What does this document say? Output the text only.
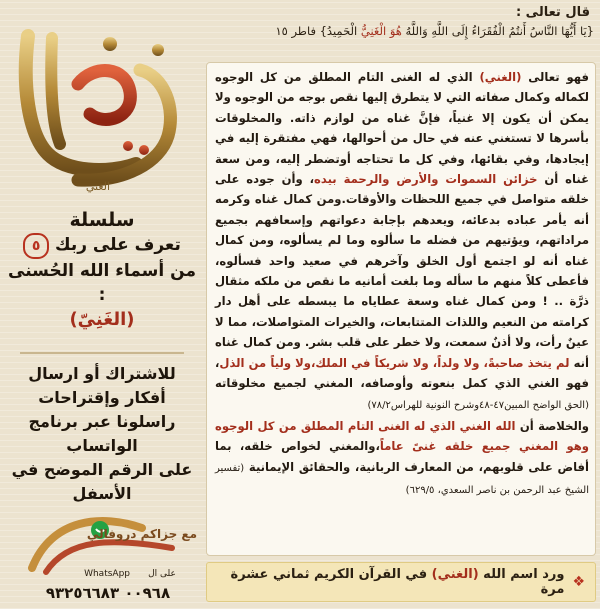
الغني
سلسلة
تعرف على ربك ٥
من أسماء الله الحُسنى :
(الغَنِيّ)
للاشتراك أو ارسال
أفكار وإقتراحات
راسلونا عبر برنامج
الواتساب
على الرقم الموضح في
الأسفل
مع جزاكم دروفالي
WhatsApp على ال
٠٠٩٦٨ ٩٣٢٥٦٦٨٣
قال تعالى :
{يَا أَيُّهَا النَّاسُ أَنتُمُ الْفُقَرَاءُ إِلَى اللَّهِ وَاللَّهُ هُوَ الْغَنِيُّ الْحَمِيدُ} فاطر ١٥
فهو تعالى (الغني) الذي له الغنى التام المطلق من كل الوجوه لكماله وكمال صفاته التي لا يتطرق إليها نقص بوجه من الوجوه ولا يمكن أن يكون إلا غنياً، فإنَّ غناه من لوازم ذاته. والمخلوقات بأسرها لا تستغني عنه في حال من أحوالها، فهي مفتقرة إليه في إيجادها، وفي بقائها، وفي كل ما تحتاجه أوتضطر إليه، ومن سعة غناه أن خزائن السموات والأرض والرحمة بيده، وأن جوده على خلقه متواصل في جميع اللحظات والأوقات.ومن كمال غناه وكرمه أنه يأمر عباده بدعائه، ويعدهم بإجابة دعواتهم وإسعافهم بجميع مراداتهم، ويؤتيهم من فضله ما سألوه وما لم يسألوه، ومن كمال غناه أنه لو اجتمع أول الخلق وآخرهم في صعيد واحد فسألوه، فأعطى كلاً منهم ما سأله وما بلغت أمانيه ما نقص من ملكه مثقال ذرَّة .. ! ومن كمال غناه وسعة عطاياه ما يبسطه على أهل دار كرامته من النعيم واللذات المتتابعات، والخيرات المتواصلات، مما لا عينٌ رأت، ولا أذنٌ سمعت، ولا خطر على قلب بشر. ومن كمال غناه أنه لم يتخذ صاحبةً، ولا ولداً، ولا شريكاً في الملك،ولا ولياً من الذل، فهو الغني الذي كمل بنعوته وأوصافه، المغني لجميع مخلوقاته (الحق الواضح المبين٤٧-٤٨وشرح النونية للهراس٧٨/٢)
والخلاصة أن الله الغني الذي له الغنى التام المطلق من كل الوجوه وهو المغني جميع خلقه غنىً عاماً،والمغني لخواص خلقه، بما أفاض على قلوبهم، من المعارف الربانية، والحقائق الإيمانية (تفسير الشيخ عبد الرحمن بن ناصر السعدي، ٦٢٩/٥)
❖
ورد اسم الله (الغني) في القرآن الكريم ثماني عشرة مرة
